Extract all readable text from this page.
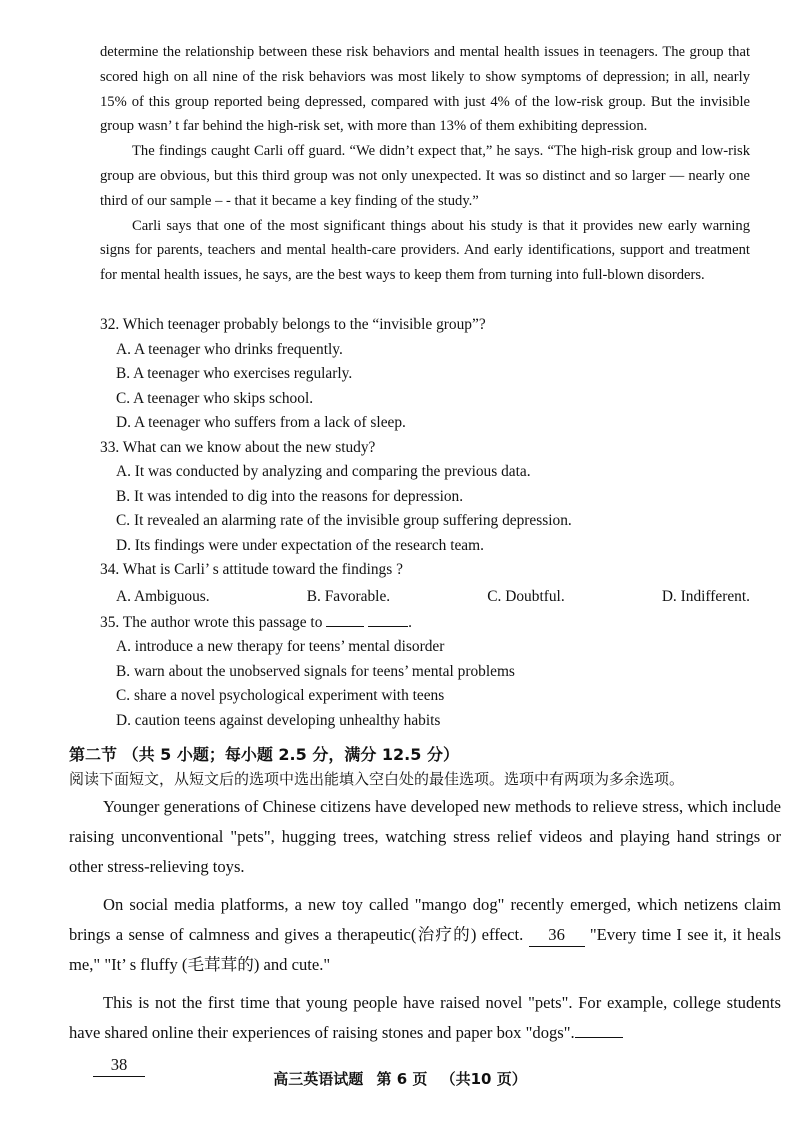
determine the relationship between these risk behaviors and mental health issues in teenagers. The group that scored high on all nine of the risk behaviors was most likely to show symptoms of depression; in all, nearly 15% of this group reported being depressed, compared with just 4% of the low-risk group. But the invisible group wasn’ t far behind the high-risk set, with more than 13% of them exhibiting depression.

The findings caught Carli off guard. “We didn’t expect that,” he says. “The high-risk group and low-risk group are obvious, but this third group was not only unexpected. It was so distinct and so larger — nearly one third of our sample – - that it became a key finding of the study.”

Carli says that one of the most significant things about his study is that it provides new early warning signs for parents, teachers and mental health-care providers. And early identifications, support and treatment for mental health issues, he says, are the best ways to keep them from turning into full-blown disorders.

32. Which teenager probably belongs to the “invisible group”?

A. A teenager who drinks frequently.

B. A teenager who exercises regularly.

C. A teenager who skips school.

D. A teenager who suffers from a lack of sleep.

33. What can we know about the new study?

A. It was conducted by analyzing and comparing the previous data.

B. It was intended to dig into the reasons for depression.

C. It revealed an alarming rate of the invisible group suffering depression.

D. Its findings were under expectation of the research team.

34. What is Carli’ s attitude toward the findings ?

A. Ambiguous.	B. Favorable.	C. Doubtful.	D. Indifferent.

35. The author wrote this passage to	.

A. introduce a new therapy for teens’ mental disorder

B. warn about the unobserved signals for teens’ mental problems

C. share a novel psychological experiment with teens

D. caution teens against developing unhealthy habits

第二节 （共 5 小题；每小题 2.5 分，满分 12.5 分）

阅读下面短文，从短文后的选项中选出能填入空白处的最佳选项。选项中有两项为多余选项。

Younger generations of Chinese citizens have developed new methods to relieve stress, which include raising unconventional "pets", hugging trees, watching stress relief videos and playing hand strings or other stress-relieving toys.

On social media platforms, a new toy called "mango dog" recently emerged, which netizens claim brings a sense of calmness and gives a therapeutic(治疗的) effect. 36 "Every time I see it, it heals me," "It’ s fluffy (毛茸茸的) and cute."

This is not the first time that young people have raised novel "pets". For example, college students have shared online their experiences of raising stones and paper box "dogs".

38
高三英语试题 第 6 页 （共10 页）
